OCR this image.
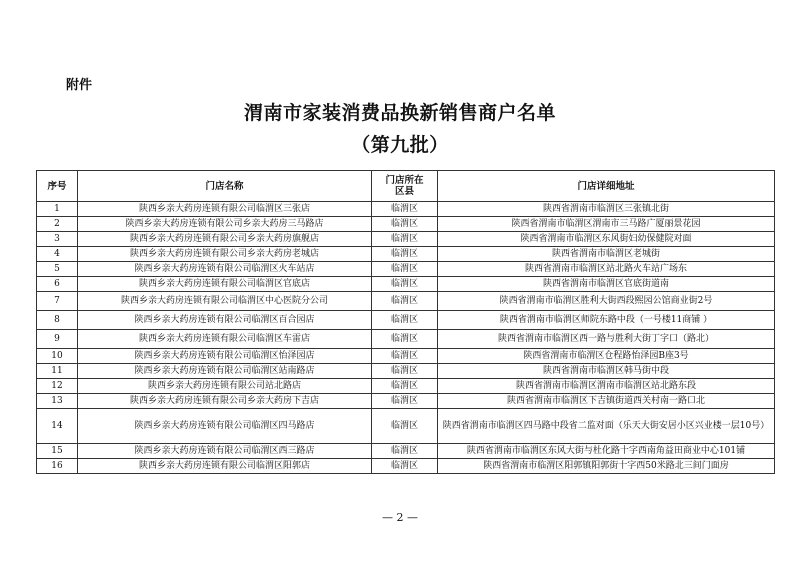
附件
渭南市家装消费品换新销售商户名单
（第九批）
序号	门店名称	门店所在区县	门店详细地址
1	陕西乡亲大药房连锁有限公司临渭区三张店	临渭区	陕西省渭南市临渭区三张镇北街
2	陕西乡亲大药房连锁有限公司乡亲大药房三马路店	临渭区	陕西省渭南市临渭区渭南市三马路广厦丽景花园
3	陕西乡亲大药房连锁有限公司乡亲大药房旗舰店	临渭区	陕西省渭南市临渭区东风街妇幼保健院对面
4	陕西乡亲大药房连锁有限公司乡亲大药房老城店	临渭区	陕西省渭南市临渭区老城街
5	陕西乡亲大药房连锁有限公司临渭区火车站店	临渭区	陕西省渭南市临渭区站北路火车站广场东
6	陕西乡亲大药房连锁有限公司临渭区官底店	临渭区	陕西省渭南市临渭区官底街道南
7	陕西乡亲大药房连锁有限公司临渭区中心医院分公司	临渭区	陕西省渭南市临渭区胜利大街西段熙园公馆商业街2号
8	陕西乡亲大药房连锁有限公司临渭区百合园店	临渭区	陕西省渭南市临渭区师院东路中段（一号楼11商铺 ）
9	陕西乡亲大药房连锁有限公司临渭区车雷店	临渭区	陕西省渭南市临渭区西一路与胜利大街丁字口（路北）
10	陕西乡亲大药房连锁有限公司临渭区怡泽园店	临渭区	陕西省渭南市临渭区仓程路怡泽园B座3号
11	陕西乡亲大药房连锁有限公司临渭区站南路店	临渭区	陕西省渭南市临渭区韩马街中段
12	陕西乡亲大药房连锁有限公司站北路店	临渭区	陕西省渭南市临渭区渭南市临渭区站北路东段
13	陕西乡亲大药房连锁有限公司乡亲大药房下吉店	临渭区	陕西省渭南市临渭区下吉镇街道西关村南一路口北
14	陕西乡亲大药房连锁有限公司临渭区四马路店	临渭区	陕西省渭南市临渭区四马路中段省二监对面（乐天大街安居小区兴业楼一层10号）
15	陕西乡亲大药房连锁有限公司临渭区西三路店	临渭区	陕西省渭南市临渭区东风大街与杜化路十字西南角益田商业中心101铺
16	陕西乡亲大药房连锁有限公司临渭区阳郭店	临渭区	陕西省渭南市临渭区阳郭镇阳郭街十字西50米路北三间门面房
— 2 —
